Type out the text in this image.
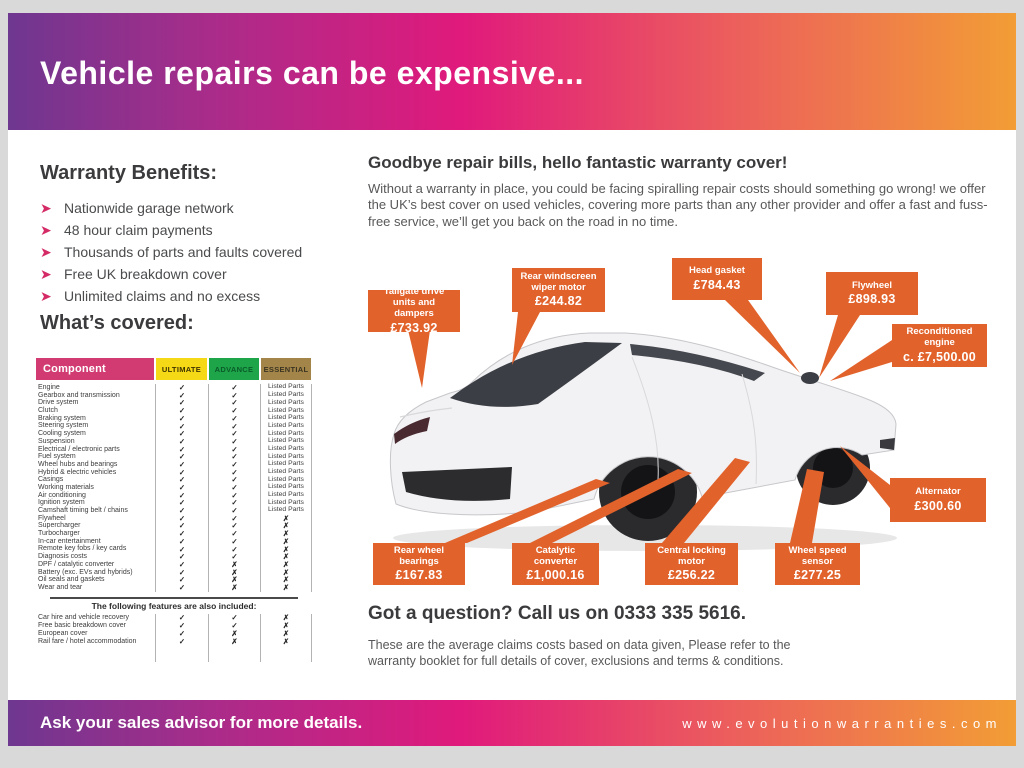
Vehicle repairs can be expensive...
Warranty Benefits:
➤ Nationwide garage network
➤ 48 hour claim payments
➤ Thousands of parts and faults covered
➤ Free UK breakdown cover
➤ Unlimited claims and no excess
What’s covered:
Component	ULTIMATE	ADVANCE	ESSENTIAL
Engine	✓	✓	Listed Parts
Gearbox and transmission	✓	✓	Listed Parts
Drive system	✓	✓	Listed Parts
Clutch	✓	✓	Listed Parts
Braking system	✓	✓	Listed Parts
Steering system	✓	✓	Listed Parts
Cooling system	✓	✓	Listed Parts
Suspension	✓	✓	Listed Parts
Electrical / electronic parts	✓	✓	Listed Parts
Fuel system	✓	✓	Listed Parts
Wheel hubs and bearings	✓	✓	Listed Parts
Hybrid & electric vehicles	✓	✓	Listed Parts
Casings	✓	✓	Listed Parts
Working materials	✓	✓	Listed Parts
Air conditioning	✓	✓	Listed Parts
Ignition system	✓	✓	Listed Parts
Camshaft timing belt / chains	✓	✓	Listed Parts
Flywheel	✓	✓	✗
Supercharger	✓	✓	✗
Turbocharger	✓	✓	✗
In-car entertainment	✓	✓	✗
Remote key fobs / key cards	✓	✓	✗
Diagnosis costs	✓	✓	✗
DPF / catalytic converter	✓	✗	✗
Battery (exc. EVs and hybrids)	✓	✗	✗
Oil seals and gaskets	✓	✗	✗
Wear and tear	✓	✗	✗
The following features are also included:
Car hire and vehicle recovery	✓	✓	✗
Free basic breakdown cover	✓	✓	✗
European cover	✓	✗	✗
Rail fare / hotel accommodation	✓	✗	✗
Goodbye repair bills, hello fantastic warranty cover!
Without a warranty in place, you could be facing spiralling repair costs should something go wrong! we offer the UK’s best cover on used vehicles, covering more parts than any other provider and offer a fast and fuss-free service, we’ll get you back on the road in no time.
Tailgate drive units and dampers
£733.92
Rear windscreen wiper motor
£244.82
Head gasket
£784.43	Flywheel
£898.93
Reconditioned engine
c. £7,500.00
Alternator
£300.60
Rear wheel bearings
£167.83
Catalytic converter
£1,000.16
Central locking motor
£256.22
Wheel speed sensor
£277.25
Got a question? Call us on 0333 335 5616.
These are the average claims costs based on data given, Please refer to the warranty booklet for full details of cover, exclusions and terms & conditions.
Ask your sales advisor for more details.	www.evolutionwarranties.com
